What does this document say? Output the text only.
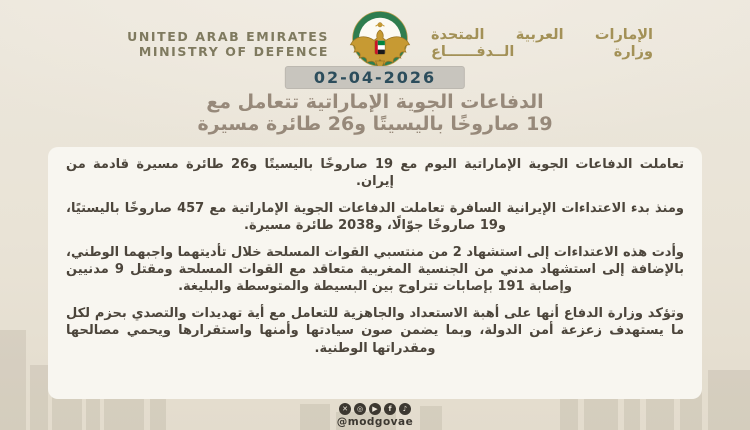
UNITED ARAB EMIRATES
MINISTRY OF DEFENCE
الإمارات العربية المتحدة
وزارة الــدفــــــاع
02-04-2026
الدفاعات الجوية الإماراتية تتعامل مع
19 صاروخًا باليسيتًا و26 طائرة مسيرة

تعاملت الدفاعات الجوية الإماراتية اليوم مع 19 صاروخًا باليسيتًا و26 طائرة مسيرة قادمة من إيران.

ومنذ بدء الاعتداءات الإيرانية السافرة تعاملت الدفاعات الجوية الإماراتية مع 457 صاروخًا باليستيًا، و19 صاروخًا جوّالًا، و2038 طائرة مسيرة.

وأدت هذه الاعتداءات إلى استشهاد 2 من منتسبي القوات المسلحة خلال تأديتهما واجبهما الوطني، بالإضافة إلى استشهاد مدني من الجنسية المغربية متعاقد مع القوات المسلحة ومقتل 9 مدنيين وإصابة 191 بإصابات تتراوح بين البسيطة والمتوسطة والبليغة.

وتؤكد وزارة الدفاع أنها على أهبة الاستعداد والجاهزية للتعامل مع أية تهديدات والتصدي بحزم لكل ما يستهدف زعزعة أمن الدولة، وبما يضمن صون سيادتها وأمنها واستقرارها ويحمي مصالحها ومقدراتها الوطنية.

✕	◎	▶	f	♪
@modgovae
